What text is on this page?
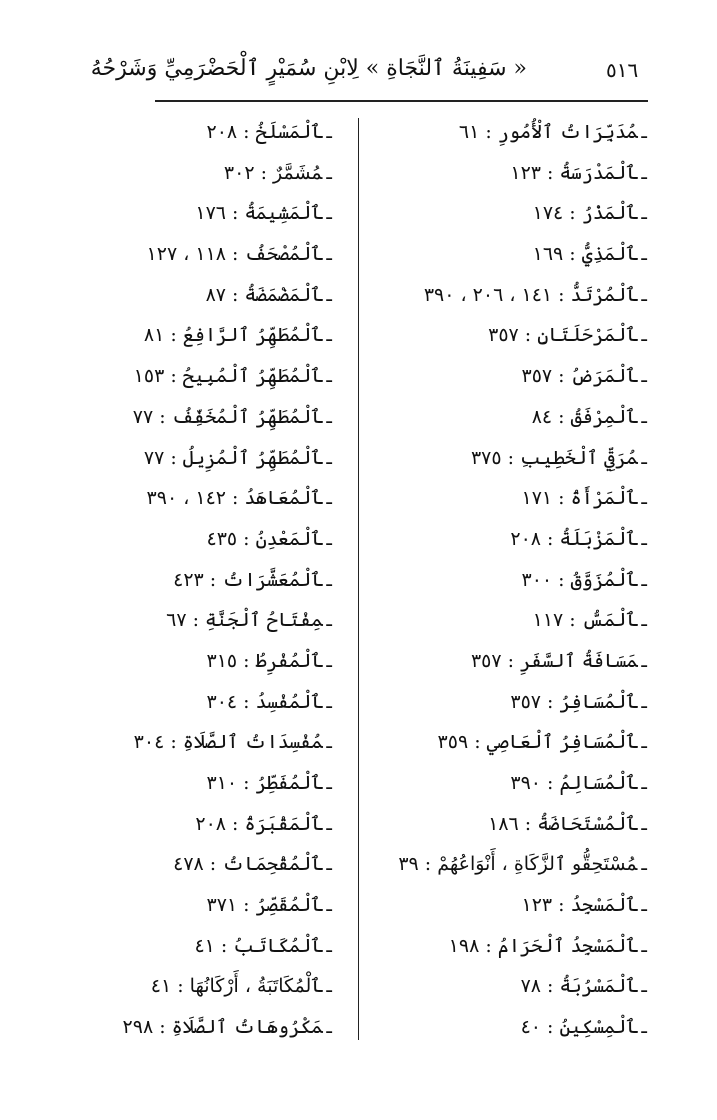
٥١٦
« سَفِينَةُ ٱلنَّجَاةِ » لِابْنِ سُمَيْرٍ ٱلْحَضْرَمِيِّ وَشَرْحُهُ
ـمُدَبِّرَاتُ ٱلْأُمُورِ : ٦١
ـٱلْمَدْرَسَةُ : ١٢٣
ـٱلْمَذْرُ : ١٧٤
ـٱلْمَذِيُّ : ١٦٩
ـٱلْمُرْتَدُّ : ١٤١ ، ٢٠٦ ، ٣٩٠
ـٱلْمَرْحَلَتَانِ : ٣٥٧
ـٱلْمَرَضُ : ٣٥٧
ـٱلْمِرْفَقُ : ٨٤
ـمُرَقِّي ٱلْخَطِيبِ : ٣٧٥
ـٱلْمَرْأَةُ : ١٧١
ـٱلْمَزْبَلَةُ : ٢٠٨
ـٱلْمُزَوَّقُ : ٣٠٠
ـٱلْمَسُّ : ١١٧
ـمَسَافَةُ ٱلسَّفَرِ : ٣٥٧
ـٱلْمُسَافِرُ : ٣٥٧
ـٱلْمُسَافِرُ ٱلْعَاصِي : ٣٥٩
ـٱلْمُسَالِمُ : ٣٩٠
ـٱلْمُسْتَحَاضَةُ : ١٨٦
ـمُسْتَحِقُّو ٱلزَّكَاةِ ، أَنْوَاعُهُمْ : ٣٩
ـٱلْمَسْجِدُ : ١٢٣
ـٱلْمَسْجِدُ ٱلْحَرَامُ : ١٩٨
ـٱلْمَسْرُبَةُ : ٧٨
ـٱلْمِسْكِينُ : ٤٠
ـٱلْمَسْلَخُ : ٢٠٨
ـمُشَمَّرٌ : ٣٠٢
ـٱلْمَشِيمَةُ : ١٧٦
ـٱلْمُصْحَفُ : ١١٨ ، ١٢٧
ـٱلْمَضْمَضَةُ : ٨٧
ـٱلْمُطَهِّرُ ٱلرَّافِعُ : ٨١
ـٱلْمُطَهِّرُ ٱلْمُبِيحُ : ١٥٣
ـٱلْمُطَهِّرُ ٱلْمُخَفِّفُ : ٧٧
ـٱلْمُطَهِّرُ ٱلْمُزِيلُ : ٧٧
ـٱلْمُعَاهَدُ : ١٤٢ ، ٣٩٠
ـٱلْمَعْدِنُ : ٤٣٥
ـٱلْمُعَشَّرَاتُ : ٤٢٣
ـمِفْتَاحُ ٱلْجَنَّةِ : ٦٧
ـٱلْمُفْرِطُ : ٣١٥
ـٱلْمُفْسِدُ : ٣٠٤
ـمُفْسِدَاتُ ٱلصَّلَاةِ : ٣٠٤
ـٱلْمُفَطِّرُ : ٣١٠
ـٱلْمَقْبَرَةُ : ٢٠٨
ـٱلْمُقْحِمَاتُ : ٤٧٨
ـٱلْمُقَصِّرُ : ٣٧١
ـٱلْمُكَاتَبُ : ٤١
ـٱلْمُكَاتَبَةُ ، أَرْكَانُهَا : ٤١
ـمَكْرُوهَاتُ ٱلصَّلَاةِ : ٢٩٨
